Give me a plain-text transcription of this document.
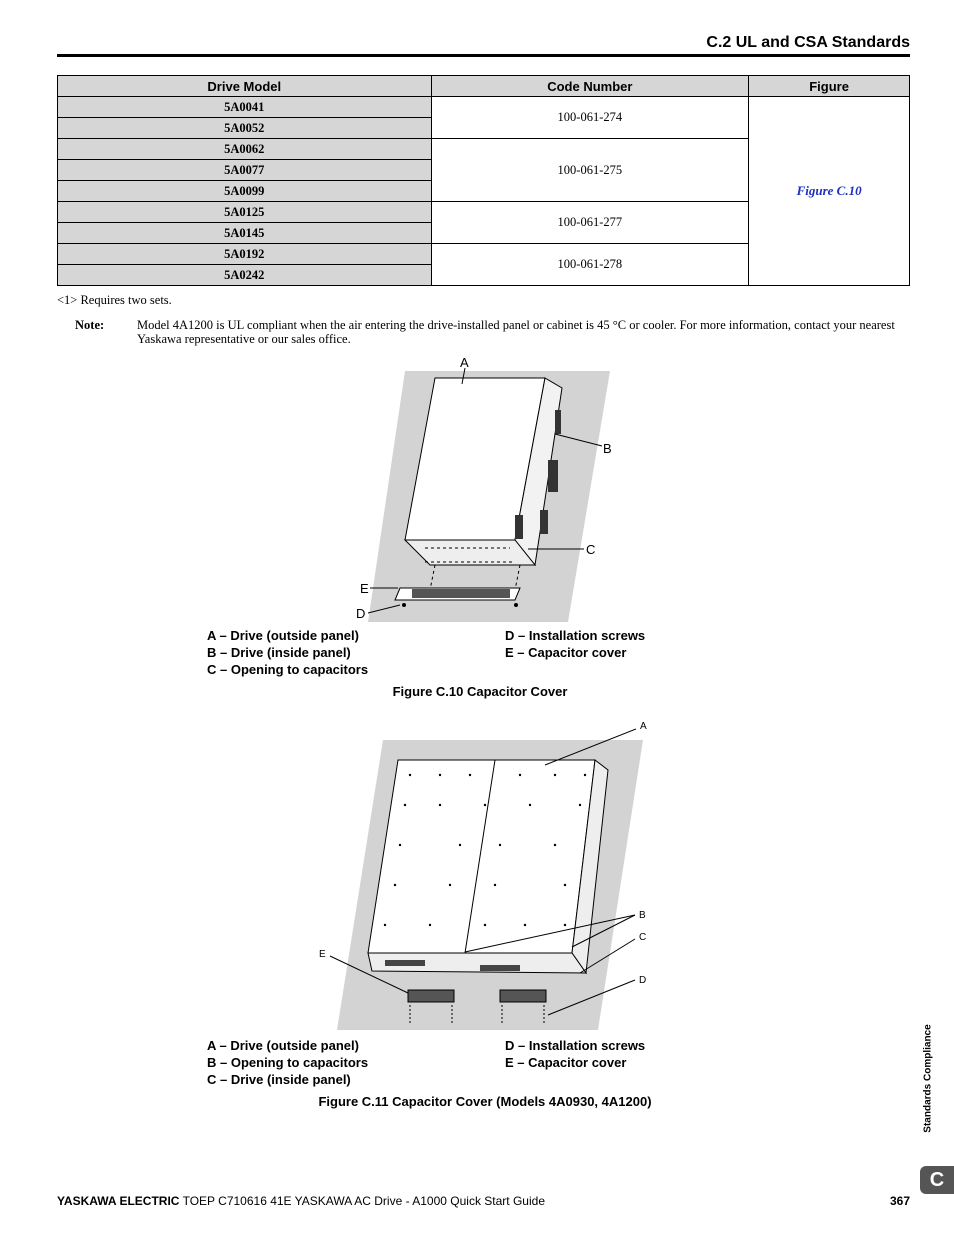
C.2 UL and CSA Standards
Drive Model	Code Number	Figure
5A0041	100-061-274	Figure C.10
5A0052		
5A0062	100-061-275	
5A0077		
5A0099		
5A0125	100-061-277	
5A0145		
5A0192	100-061-278	
5A0242		
<1> Requires two sets.
Note:	Model 4A1200 is UL compliant when the air entering the drive-installed panel or cabinet is 45 °C or cooler. For more information, contact your nearest Yaskawa representative or our sales office.
A
B
C
E
D
A – Drive (outside panel)
B – Drive (inside panel)
C – Opening to capacitors
D – Installation screws
E – Capacitor cover
Figure C.10 Capacitor Cover
A
B
C
D
E
A – Drive (outside panel)
B – Opening to capacitors
C – Drive (inside panel)
D – Installation screws
E – Capacitor cover
Figure C.11 Capacitor Cover (Models 4A0930, 4A1200)	Standards Compliance
C
YASKAWA ELECTRIC TOEP C710616 41E YASKAWA AC Drive - A1000 Quick Start Guide	367
